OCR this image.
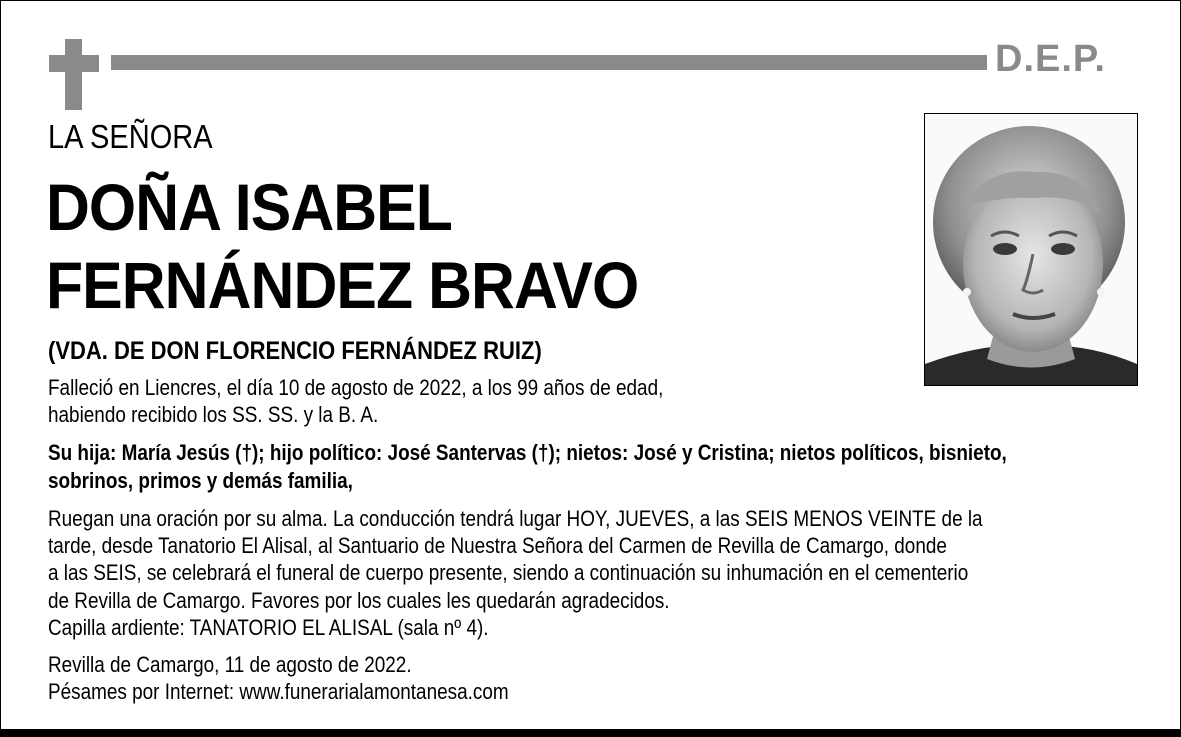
D.E.P.
LA SEÑORA
DOÑA ISABEL
FERNÁNDEZ BRAVO
(VDA. DE DON FLORENCIO FERNÁNDEZ RUIZ)
Falleció en Liencres, el día 10 de agosto de 2022, a los 99 años de edad,
habiendo recibido los SS. SS. y la B. A.
Su hija: María Jesús (†); hijo político: José Santervas (†); nietos: José y Cristina; nietos políticos, bisnieto,
sobrinos, primos y demás familia,
Ruegan una oración por su alma. La conducción tendrá lugar HOY, JUEVES, a las SEIS MENOS VEINTE de la
tarde, desde Tanatorio El Alisal, al Santuario de Nuestra Señora del Carmen de Revilla de Camargo, donde
a las SEIS, se celebrará el funeral de cuerpo presente, siendo a continuación su inhumación en el cementerio
de Revilla de Camargo. Favores por los cuales les quedarán agradecidos.
Capilla ardiente: TANATORIO EL ALISAL (sala nº 4).
Revilla de Camargo, 11 de agosto de 2022.
Pésames por Internet: www.funerarialamontanesa.com
